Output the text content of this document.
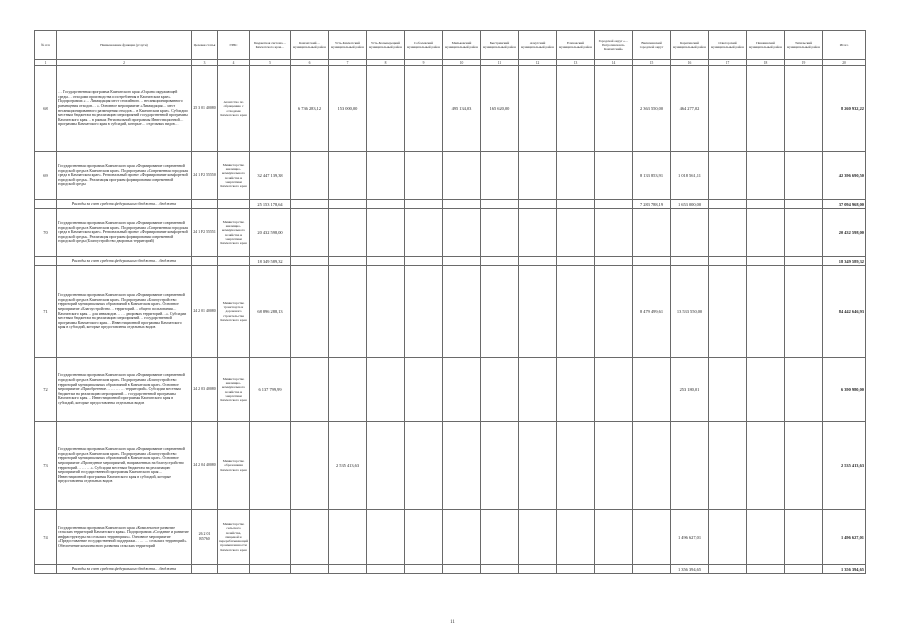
№ п/п	Наименование функции (услуги)	Целевая статья	ГРБС	Бюджетная система… Камчатского края…	Камчатский… муниципальный район	Усть-Камчатский муниципальный район	Усть-Большерецкий муниципальный район	Соболевский муниципальный район	Мильковский муниципальный район	Быстринский муниципальный район	Алеутский муниципальный район	Елизовский муниципальный район	Городской округ «… Петропавловск-Камчатский»	Вилючинский городской округ	Карагинский муниципальный район	Олюторский муниципальный район	Пенжинский муниципальный район	Тигильский муниципальный район	Итого
1	2	3	4	5	6	7	8	9	10	11	12	13	14	15	16	17	18	19	20
68	… Государственная программа Камчатского края «Охрана окружающей среды… отходами производства и потребления в Камчатском крае». Подпрограмма «… Ликвидация мест стихийного… несанкционированного размещения отходов… ». Основное мероприятие «Ликвидация… мест несанкционированного размещения отходов… в Камчатском крае». Субсидии местным бюджетам на реализацию мероприятий государственной программы Камчатского края… в рамках Региональной программы Инвестиционной… программы Камчатского края в субсидий, которые… отдельных видов…	25 3 01 40080	Агентство по обращению с отходами Камчатского края		6 736 283,12	153 000,00			495 134,03	165 620,00				2 363 550,00	464 277,02				8 260 932,22
69	Государственная программа Камчатского края «Формирование современной городской среды в Камчатском крае». Подпрограмма «Современная городская среда в Камчатском крае». Региональный проект «Формирование комфортной городской среды». Реализация программ формирования современной городской среды	24 1 F2 55550	Министерство жилищно-коммунального хозяйства и энергетики Камчатского края	32 447 139,38										8 133 853,91	1 018 561,11				42 396 690,50
	Расходы за счет средств федерального бюджета… бюджета			25 153 178,64										7 283 788,19	1 653 000,00				37 094 968,00
70	Государственная программа Камчатского края «Формирование современной городской среды в Камчатском крае». Подпрограмма «Современная городская среда в Камчатском крае». Региональный проект «Формирование комфортной городской среды». Реализация программ формирования современной городской среды (Благоустройство дворовых территорий)	24 1 F2 55551	Министерство жилищно-коммунального хозяйства и энергетики Камчатского края	20 432 598,00															20 432 598,00
	Расходы за счет средств федерального бюджета… бюджета			18 349 589,32															18 349 589,32
71	Государственная программа Камчатского края «Формирование современной городской среды в Камчатском крае». Подпрограмма «Благоустройство территорий муниципальных образований в Камчатском крае». Основное мероприятие «Благоустройство… территорий… общего пользования… Камчатского края… для инвалидов… … дворовых территорий…». Субсидии местным бюджетам на реализацию мероприятий… государственной программы Камчатского края… Инвестиционной программы Камчатского края в субсидий, которые предоставлены отдельных видов	24 2 01 40080	Министерство транспорта и дорожного строительства Камчатского края	68 896 288,13										8 479 499,61	13 533 550,00				84 442 646,93
72	Государственная программа Камчатского края «Формирование современной городской среды в Камчатском крае». Подпрограмма «Благоустройство территорий муниципальных образований в Камчатском крае». Основное мероприятие «Приобретение… … … … территорий». Субсидии местным бюджетам на реализацию мероприятий… государственной программы Камчатского края… Инвестиционной программы Камчатского края в субсидий, которые предоставлены отдельных видов	24 2 03 40080	Министерство жилищно-коммунального хозяйства и энергетики Камчатского края	6 137 799,99											253 180,01				6 390 980,00
73	Государственная программа Камчатского края «Формирование современной городской среды в Камчатском крае». Подпрограмма «Благоустройство территорий муниципальных образований в Камчатском крае». Основное мероприятие «Проведение мероприятий, направленных на благоустройство территорий… … …». Субсидии местным бюджетам на реализацию мероприятий государственной программы Камчатского края… Инвестиционной программы Камчатского края в субсидий, которые предоставлены отдельных видов	24 2 04 40080	Министерство образования Камчатского края			2 535 413,63													2 535 413,63
74	Государственная программа Камчатского края «Комплексное развитие сельских территорий Камчатского края». Подпрограмма «Создание и развитие инфраструктуры на сельских территориях». Основное мероприятие «Предоставление государственной поддержки… … … сельских территорий». Обеспечение комплексного развития сельских территорий	26 2 01 R5760	Министерство сельского хозяйства, пищевой и перерабатывающей промышленности Камчатского края												1 496 627,01				1 496 627,01
	Расходы за счет средств федерального бюджета… бюджета														1 356 394,65				1 356 394,65
11
